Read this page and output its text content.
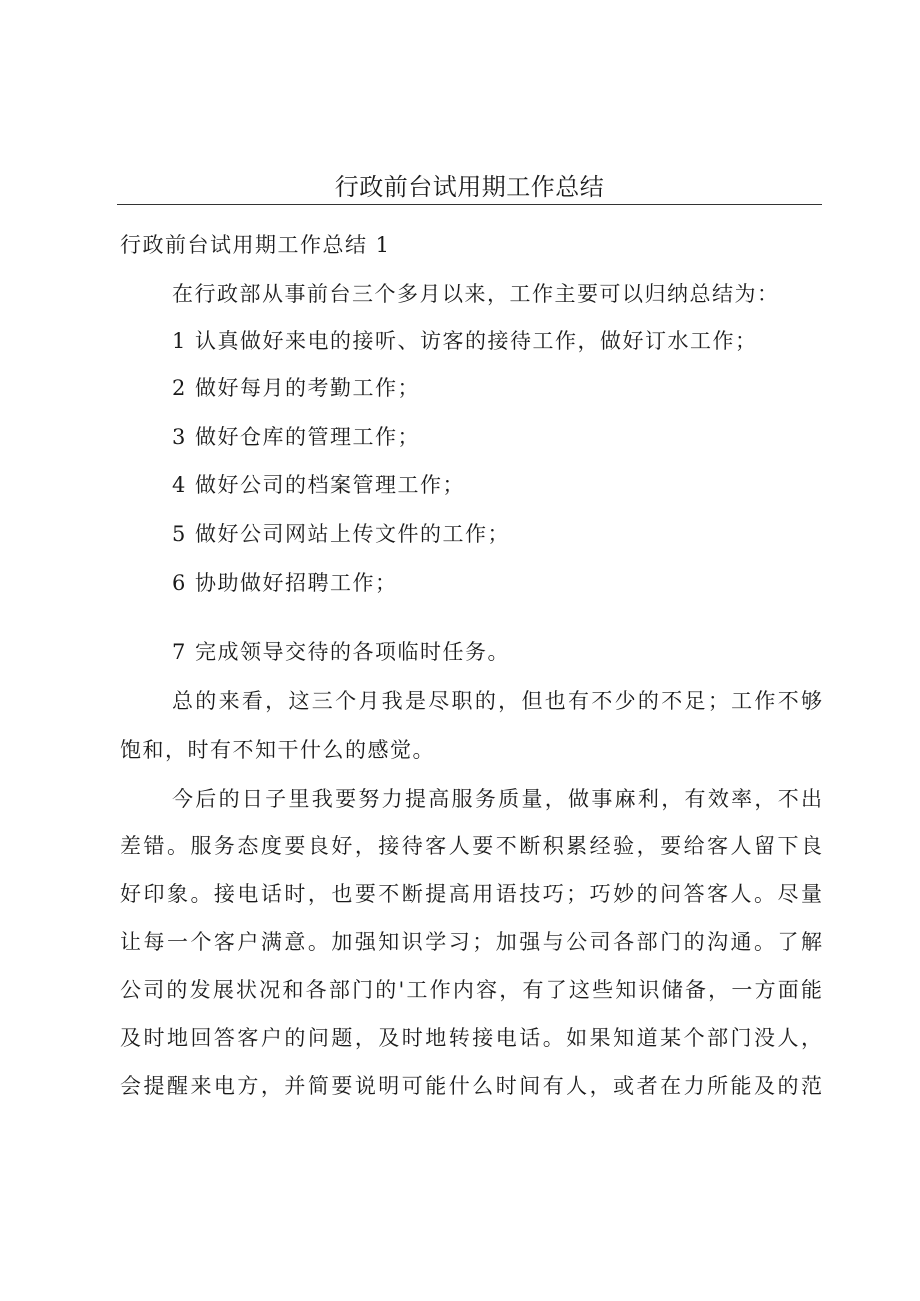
行政前台试用期工作总结
行政前台试用期工作总结 1
在行政部从事前台三个多月以来，工作主要可以归纳总结为：
1 认真做好来电的接听、访客的接待工作，做好订水工作；
2 做好每月的考勤工作；
3 做好仓库的管理工作；
4 做好公司的档案管理工作；
5 做好公司网站上传文件的工作；
6 协助做好招聘工作；
7 完成领导交待的各项临时任务。
总的来看，这三个月我是尽职的，但也有不少的不足；工作不够
饱和，时有不知干什么的感觉。
今后的日子里我要努力提高服务质量，做事麻利，有效率，不出
差错。服务态度要良好，接待客人要不断积累经验，要给客人留下良
好印象。接电话时，也要不断提高用语技巧；巧妙的问答客人。尽量
让每一个客户满意。加强知识学习；加强与公司各部门的沟通。了解
公司的发展状况和各部门的'工作内容，有了这些知识储备，一方面能
及时地回答客户的问题，及时地转接电话。如果知道某个部门没人，
会提醒来电方，并简要说明可能什么时间有人，或者在力所能及的范
